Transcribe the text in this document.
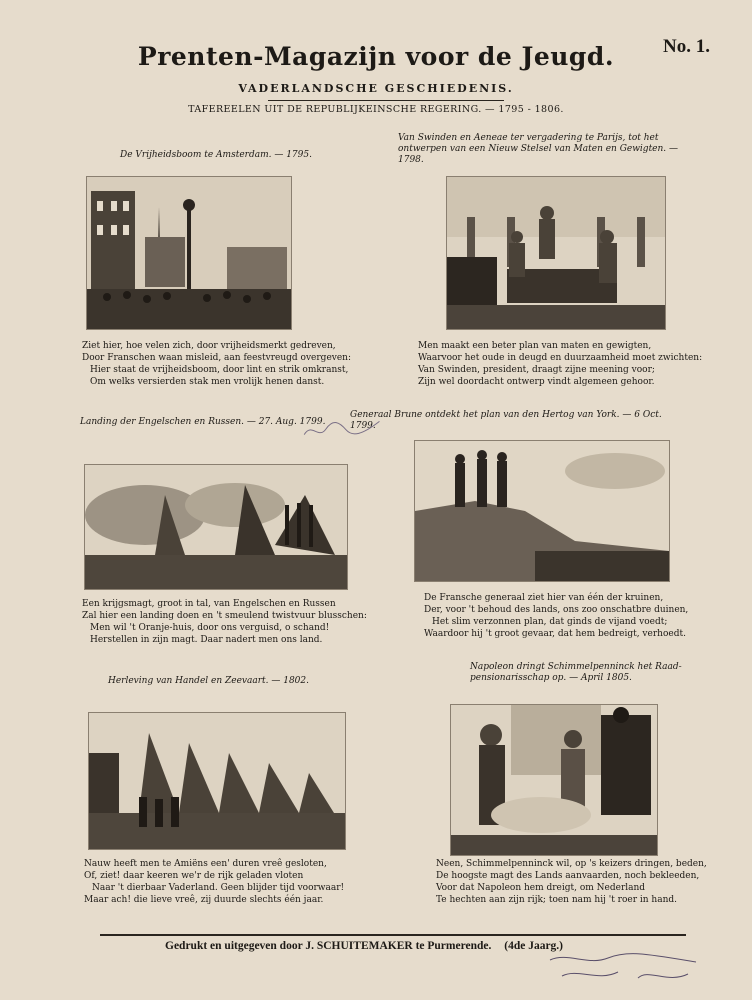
Prenten-Magazijn voor de Jeugd.	No. 1.
VADERLANDSCHE GESCHIEDENIS.
TAFEREELEN UIT DE REPUBLIJKEINSCHE REGERING. — 1795 - 1806.
De Vrijheidsboom te Amsterdam. — 1795.
Ziet hier, hoe velen zich, door vrijheidsmerkt gedreven,
Door Franschen waan misleid, aan feestvreugd overgeven:
Hier staat de vrijheidsboom, door lint en strik omkranst,
Om welks versierden stak men vrolijk henen danst.
Van Swinden en Aeneae ter vergadering te Parijs, tot het ontwerpen van een Nieuw Stelsel van Maten en Gewigten. — 1798.
Men maakt een beter plan van maten en gewigten,
Waarvoor het oude in deugd en duurzaamheid moet zwichten:
Van Swinden, president, draagt zijne meening voor;
Zijn wel doordacht ontwerp vindt algemeen gehoor.
Landing der Engelschen en Russen. — 27. Aug. 1799.
Een krijgsmagt, groot in tal, van Engelschen en Russen
Zal hier een landing doen en 't smeulend twistvuur blusschen:
Men wil 't Oranje-huis, door ons verguisd, o schand!
Herstellen in zijn magt. Daar nadert men ons land.
Generaal Brune ontdekt het plan van den Hertog van York. — 6 Oct. 1799.
De Fransche generaal ziet hier van één der kruinen,
Der, voor 't behoud des lands, ons zoo onschatbre duinen,
Het slim verzonnen plan, dat ginds de vijand voedt;
Waardoor hij 't groot gevaar, dat hem bedreigt, verhoedt.
Herleving van Handel en Zeevaart. — 1802.
Nauw heeft men te Amiëns een' duren vreê gesloten,
Of, ziet! daar keeren we'r de rijk geladen vloten
Naar 't dierbaar Vaderland. Geen blijder tijd voorwaar!
Maar ach! die lieve vreê, zij duurde slechts één jaar.
Napoleon dringt Schimmelpenninck het Raad-pensionarisschap op. — April 1805.
Neen, Schimmelpenninck wil, op 's keizers dringen, beden,
De hoogste magt des Lands aanvaarden, noch bekleeden,
Voor dat Napoleon hem dreigt, om Nederland
Te hechten aan zijn rijk; toen nam hij 't roer in hand.
Gedrukt en uitgegeven door J. SCHUITEMAKER te Purmerende. (4de Jaarg.)
